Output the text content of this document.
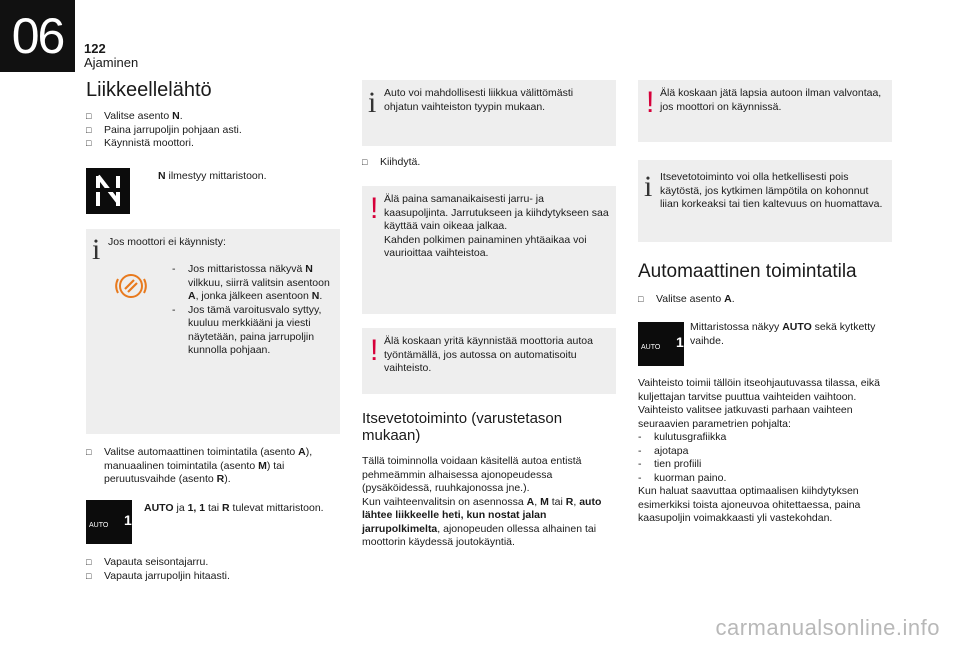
06	122
Ajaminen
Liikkeellelähtö

□ Valitse asento N.

□ Paina jarrupoljin pohjaan asti.

□ Käynnistä moottori.

N ilmestyy mittaristoon.
i Jos moottori ei käynnisty:
- Jos mittaristossa näkyvä N vilkkuu, siirrä valitsin asentoon A, jonka jälkeen asentoon N.
- Jos tämä varoitusvalo syttyy, kuuluu merkkiääni ja viesti näytetään, paina jarrupoljin kunnolla pohjaan.

□ Valitse automaattinen toimintatila (asento A), manuaalinen toimintatila (asento M) tai peruutusvaihde (asento R).

AUTO 1
AUTO ja 1, 1 tai R tulevat mittaristoon.

□ Vapauta seisontajarru.

□ Vapauta jarrupoljin hitaasti.

i Auto voi mahdollisesti liikkua välittömästi ohjatun vaihteiston tyypin mukaan.

□ Kiihdytä.

! Älä paina samanaikaisesti jarru- ja kaasupoljinta. Jarrutukseen ja kiihdytykseen saa käyttää vain oikeaa jalkaa.
Kahden polkimen painaminen yhtäaikaa voi vaurioittaa vaihteistoa.
! Älä koskaan yritä käynnistää moottoria autoa työntämällä, jos autossa on automatisoitu vaihteisto.
Itsevetotoiminto (varustetason mukaan)
Tällä toiminnolla voidaan käsitellä autoa entistä pehmeämmin alhaisessa ajonopeudessa (pysäköidessä, ruuhkajonossa jne.).
Kun vaihteenvalitsin on asennossa A, M tai R, auto lähtee liikkeelle heti, kun nostat jalan jarrupolkimelta, ajonopeuden ollessa alhainen tai moottorin käydessä joutokäyntiä.
! Älä koskaan jätä lapsia autoon ilman valvontaa, jos moottori on käynnissä.
i Itsevetotoiminto voi olla hetkellisesti pois käytöstä, jos kytkimen lämpötila on kohonnut liian korkeaksi tai tien kaltevuus on huomattava.
Automaattinen toimintatila

□ Valitse asento A.

AUTO 1
Mittaristossa näkyy AUTO sekä kytketty vaihde.
Vaihteisto toimii tällöin itseohjautuvassa tilassa, eikä kuljettajan tarvitse puuttua vaihteiden vaihtoon.
Vaihteisto valitsee jatkuvasti parhaan vaihteen seuraavien parametrien pohjalta:
- kulutusgrafiikka
- ajotapa
- tien profiili
- kuorman paino.
Kun haluat saavuttaa optimaalisen kiihdytyksen esimerkiksi toista ajoneuvoa ohitettaessa, paina kaasupoljin voimakkaasti yli vastekohdan.
carmanualsonline.info
